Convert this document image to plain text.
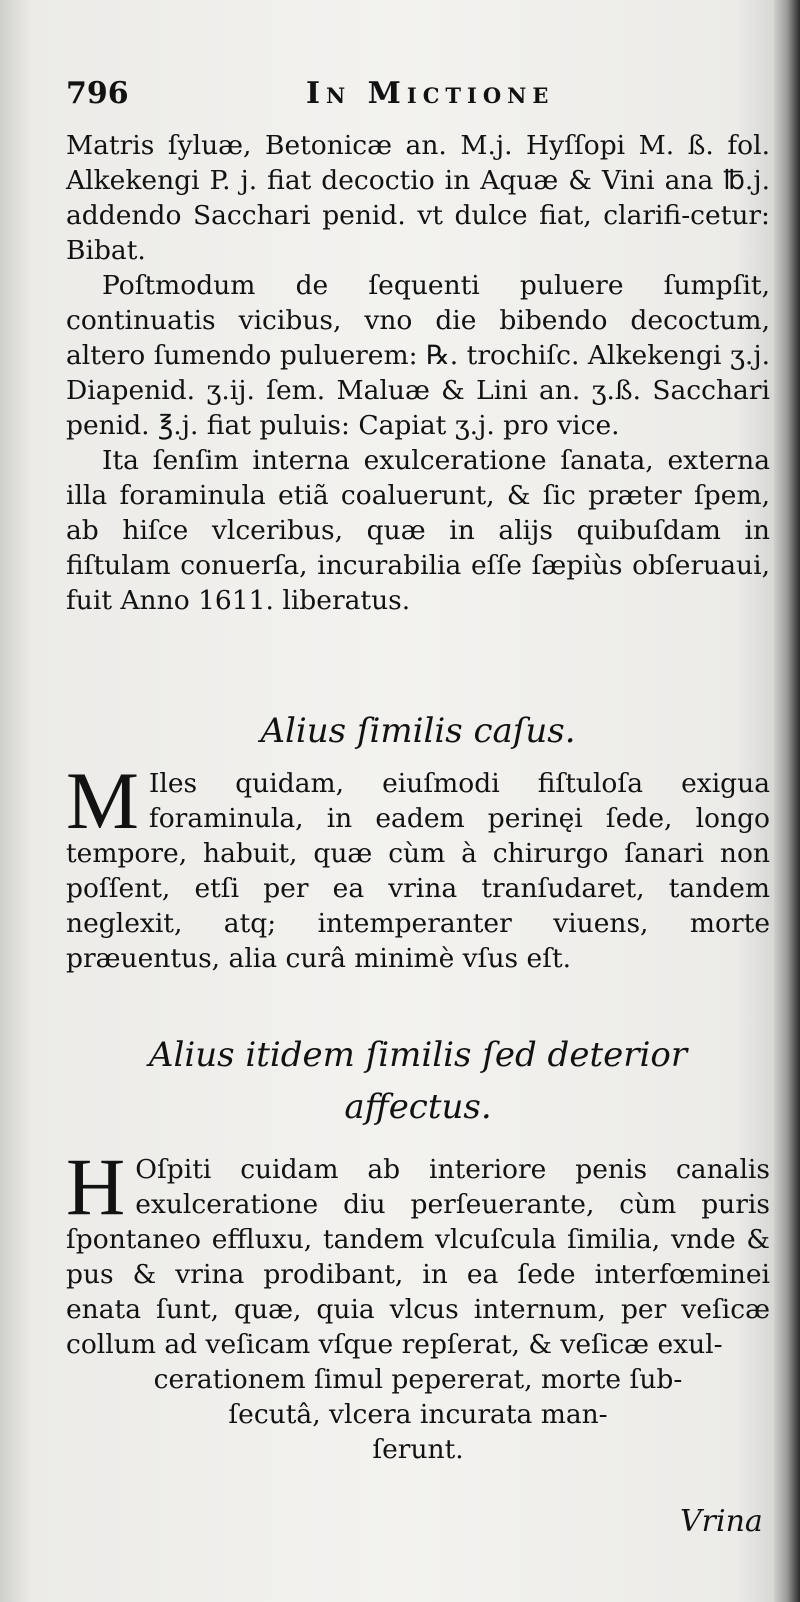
796	In Mictione

Matris ſyluæ, Betonicæ an. M.j. Hyſſopi M. ß. fol. Alkekengi P. j. fiat decoctio in Aquæ & Vini ana ℔.j. addendo Sacchari penid. vt dulce fiat, clarifi-cetur: Bibat.

Poſtmodum de ſequenti puluere ſumpſit, continuatis vicibus, vno die bibendo decoctum, altero ſumendo puluerem: ℞. trochiſc. Alkekengi ʒ.j. Diapenid. ʒ.ij. ſem. Maluæ & Lini an. ʒ.ß. Sacchari penid. ℥.j. fiat puluis: Capiat ʒ.j. pro vice.

Ita ſenſim interna exulceratione ſanata, externa illa foraminula etiã coaluerunt, & ſic præter ſpem, ab hiſce vlceribus, quæ in alijs quibuſdam in fiſtulam conuerſa, incurabilia eſſe ſæpiùs obſeruaui, fuit Anno 1611. liberatus.

Alius ſimilis caſus.
M Iles quidam, eiuſmodi fiſtuloſa exigua foraminula, in eadem perinęi ſede, longo tempore, habuit, quæ cùm à chirurgo ſanari non poſſent, etſi per ea vrina tranſudaret, tandem neglexit, atq; intemperanter viuens, morte præuentus, alia curâ minimè vſus eſt.
Alius itidem ſimilis ſed deterior
affectus.
H Oſpiti cuidam ab interiore penis canalis exulceratione diu perſeuerante, cùm puris ſpontaneo effluxu, tandem vlcuſcula ſimilia, vnde & pus & vrina prodibant, in ea ſede interfœminei enata ſunt, quæ, quia vlcus internum, per veſicæ collum ad veſicam vſque repſerat, & veſicæ exul-
cerationem ſimul pepererat, morte ſub-
ſecutâ, vlcera incurata man-
ſerunt.
Vrina
